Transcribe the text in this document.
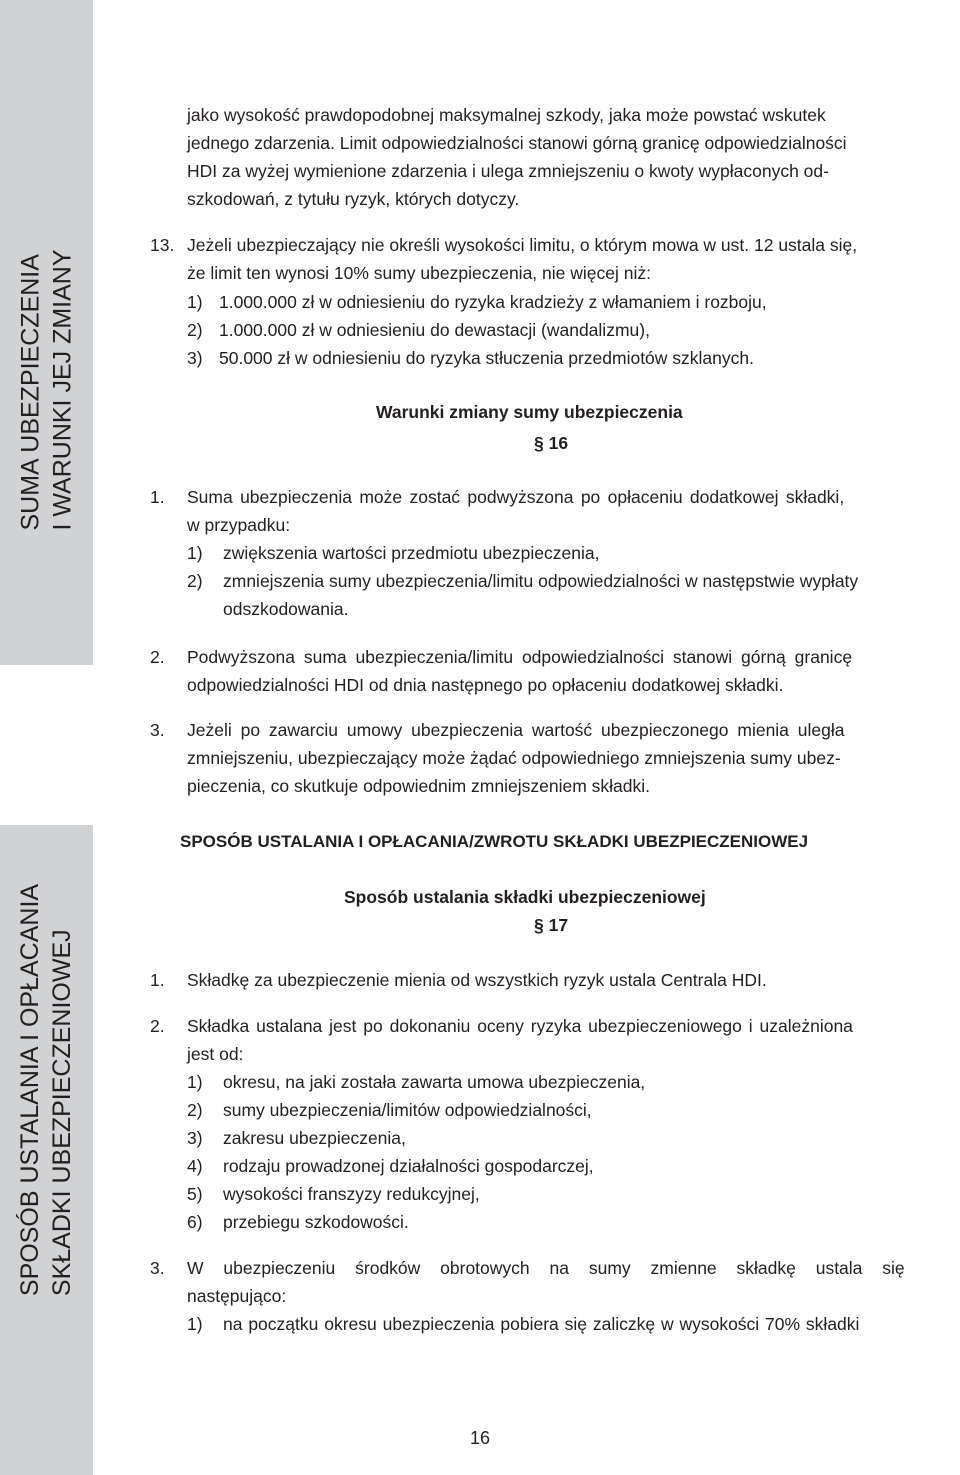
SUMA UBEZPIECZENIA I WARUNKI JEJ ZMIANY
SPOSÓB USTALANIA I OPŁACANIA SKŁADKI UBEZPIECZENIOWEJ
jako wysokość prawdopodobnej maksymalnej szkody, jaka może powstać wskutek
jednego zdarzenia. Limit odpowiedzialności stanowi górną granicę odpowiedzialności
HDI za wyżej wymienione zdarzenia i ulega zmniejszeniu o kwoty wypłaconych od-
szkodowań, z tytułu ryzyk, których dotyczy.
13. Jeżeli ubezpieczający nie określi wysokości limitu, o którym mowa w ust. 12 ustala się,
że limit ten wynosi 10% sumy ubezpieczenia, nie więcej niż:
1) 1.000.000 zł w odniesieniu do ryzyka kradzieży z włamaniem i rozboju,
2) 1.000.000 zł w odniesieniu do dewastacji (wandalizmu),
3) 50.000 zł w odniesieniu do ryzyka stłuczenia przedmiotów szklanych.
Warunki zmiany sumy ubezpieczenia
§ 16
1. Suma ubezpieczenia może zostać podwyższona po opłaceniu dodatkowej składki,
w przypadku:
1) zwiększenia wartości przedmiotu ubezpieczenia,
2) zmniejszenia sumy ubezpieczenia/limitu odpowiedzialności w następstwie wypłaty
odszkodowania.
2. Podwyższona suma ubezpieczenia/limitu odpowiedzialności stanowi górną granicę
odpowiedzialności HDI od dnia następnego po opłaceniu dodatkowej składki.
3. Jeżeli po zawarciu umowy ubezpieczenia wartość ubezpieczonego mienia uległa
zmniejszeniu, ubezpieczający może żądać odpowiedniego zmniejszenia sumy ubez-
pieczenia, co skutkuje odpowiednim zmniejszeniem składki.
SPOSÓB USTALANIA I OPŁACANIA/ZWROTU SKŁADKI UBEZPIECZENIOWEJ
Sposób ustalania składki ubezpieczeniowej
§ 17
1. Składkę za ubezpieczenie mienia od wszystkich ryzyk ustala Centrala HDI.
2. Składka ustalana jest po dokonaniu oceny ryzyka ubezpieczeniowego i uzależniona
jest od:
1) okresu, na jaki została zawarta umowa ubezpieczenia,
2) sumy ubezpieczenia/limitów odpowiedzialności,
3) zakresu ubezpieczenia,
4) rodzaju prowadzonej działalności gospodarczej,
5) wysokości franszyzy redukcyjnej,
6) przebiegu szkodowości.
3. W ubezpieczeniu środków obrotowych na sumy zmienne składkę ustala się
następująco:
1) na początku okresu ubezpieczenia pobiera się zaliczkę w wysokości 70% składki
16
